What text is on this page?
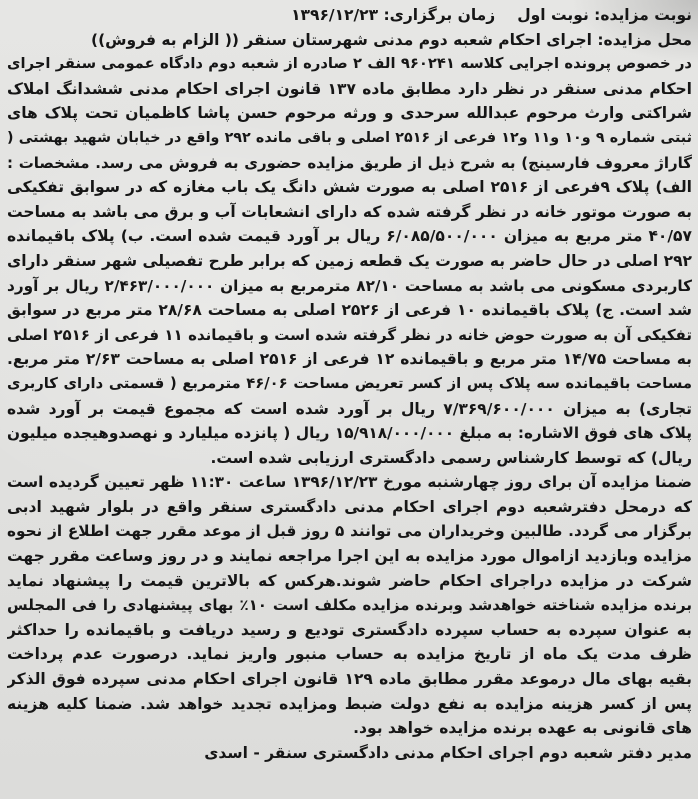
نوبت مزایده: نوبت اولزمان برگزاری: ۱۳۹۶/۱۲/۲۳
محل مزایده: اجرای احکام شعبه دوم مدنی شهرستان سنقر (( الزام به فروش))
در خصوص پرونده اجرایی کلاسه ۹۶۰۲۴۱ الف ۲ صادره از شعبه دوم دادگاه عمومی سنقر اجرای
احکام مدنی سنقر در نظر دارد مطابق ماده ۱۳۷ قانون اجرای احکام مدنی ششدانگ املاک
شراکتی وارث مرحوم عبدالله سرحدی و ورثه مرحوم حسن پاشا کاظمیان تحت پلاک های
ثبتی شماره ۹ و۱۰ و۱۱ و۱۲ فرعی از ۲۵۱۶ اصلی و باقی مانده ۲۹۲ واقع در خیابان شهید بهشتی (
گاراژ معروف فارسینج) به شرح ذیل از طریق مزایده حضوری به فروش می رسد. مشخصات :
الف) پلاک ۹فرعی از ۲۵۱۶ اصلی به صورت شش دانگ یک باب مغازه که در سوابق تفکیکی
به صورت موتور خانه در نظر گرفته شده که دارای انشعابات آب و برق می باشد به مساحت
۴۰/۵۷ متر مربع به میزان ۶/۰۸۵/۵۰۰/۰۰۰ ریال بر آورد قیمت شده است. ب) پلاک باقیمانده
۲۹۲ اصلی در حال حاضر به صورت یک قطعه زمین که برابر طرح تفصیلی شهر سنقر دارای
کاربردی مسکونی می باشد به مساحت ۸۲/۱۰ مترمربع به میزان ۲/۴۶۳/۰۰۰/۰۰۰ ریال بر آورد
شد است. ج) پلاک باقیمانده ۱۰ فرعی از ۲۵۲۶ اصلی به مساحت ۲۸/۶۸ متر مربع در سوابق
تفکیکی آن به صورت حوض خانه در نظر گرفته شده است و باقیمانده ۱۱ فرعی از ۲۵۱۶ اصلی
به مساحت ۱۴/۷۵ متر مربع و باقیمانده ۱۲ فرعی از ۲۵۱۶ اصلی به مساحت ۲/۶۳ متر مربع.
مساحت باقیمانده سه پلاک پس از کسر تعریض مساحت ۴۶/۰۶ مترمربع ( قسمتی دارای کاربری
تجاری) به میزان ۷/۳۶۹/۶۰۰/۰۰۰ ریال بر آورد شده است که مجموع قیمت بر آورد شده
پلاک های فوق الاشاره: به مبلغ ۱۵/۹۱۸/۰۰۰/۰۰۰ ریال ( پانزده میلیارد و نهصدوهیجده میلیون
ریال) که توسط کارشناس رسمی دادگستری ارزیابی شده است.
ضمنا مزایده آن برای روز چهارشنبه مورخ ۱۳۹۶/۱۲/۲۳ ساعت ۱۱:۳۰ ظهر تعیین گردیده است
که درمحل دفترشعبه دوم اجرای احکام مدنی دادگستری سنقر واقع در بلوار شهید ادبی
برگزار می گردد. طالبین وخریداران می توانند ۵ روز قبل از موعد مقرر جهت اطلاع از نحوه
مزایده وبازدید ازاموال مورد مزایده به این اجرا مراجعه نمایند و در روز وساعت مقرر جهت
شرکت در مزایده دراجرای احکام حاضر شوند.هرکس که بالاترین قیمت را پیشنهاد نماید
برنده مزایده شناخته خواهدشد وبرنده مزایده مکلف است ۱۰٪ بهای پیشنهادی را فی المجلس
به عنوان سپرده به حساب سپرده دادگستری تودیع و رسید دریافت و باقیمانده را حداکثر
ظرف مدت یک ماه از تاریخ مزایده به حساب منبور واریز نماید. درصورت عدم پرداخت
بقیه بهای مال درموعد مقرر مطابق ماده ۱۲۹ قانون اجرای احکام مدنی سپرده فوق الذکر
پس از کسر هزینه مزایده به نفع دولت ضبط ومزایده تجدید خواهد شد. ضمنا کلیه هزینه
های قانونی به عهده برنده مزایده خواهد بود.
مدیر دفتر شعبه دوم اجرای احکام مدنی دادگستری سنقر - اسدی
